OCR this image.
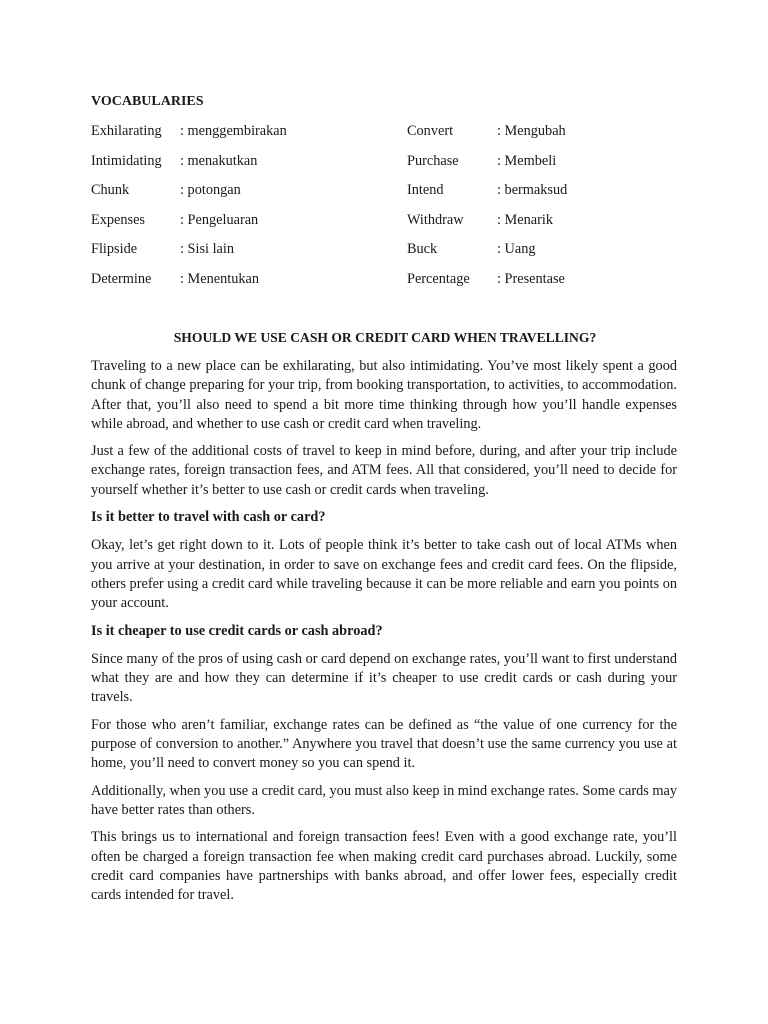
VOCABULARIES
Exhilarating : menggembirakan	Convert	: Mengubah
Intimidating : menakutkan	Purchase	: Membeli
Chunk	: potongan	Intend	: bermaksud
Expenses : Pengeluaran	Withdraw : Menarik
Flipside	: Sisi lain	Buck	: Uang
Determine : Menentukan	Percentage : Presentase
SHOULD WE USE CASH OR CREDIT CARD WHEN TRAVELLING?

Traveling to a new place can be exhilarating, but also intimidating. You’ve most likely spent a good chunk of change preparing for your trip, from booking transportation, to activities, to accommodation. After that, you’ll also need to spend a bit more time thinking through how you’ll handle expenses while abroad, and whether to use cash or credit card when traveling.

Just a few of the additional costs of travel to keep in mind before, during, and after your trip include exchange rates, foreign transaction fees, and ATM fees. All that considered, you’ll need to decide for yourself whether it’s better to use cash or credit cards when traveling.

Is it better to travel with cash or card?

Okay, let’s get right down to it. Lots of people think it’s better to take cash out of local ATMs when you arrive at your destination, in order to save on exchange fees and credit card fees. On the flipside, others prefer using a credit card while traveling because it can be more reliable and earn you points on your account.

Is it cheaper to use credit cards or cash abroad?

Since many of the pros of using cash or card depend on exchange rates, you’ll want to first understand what they are and how they can determine if it’s cheaper to use credit cards or cash during your travels.

For those who aren’t familiar, exchange rates can be defined as “the value of one currency for the purpose of conversion to another.” Anywhere you travel that doesn’t use the same currency you use at home, you’ll need to convert money so you can spend it.

Additionally, when you use a credit card, you must also keep in mind exchange rates. Some cards may have better rates than others.

This brings us to international and foreign transaction fees! Even with a good exchange rate, you’ll often be charged a foreign transaction fee when making credit card purchases abroad. Luckily, some credit card companies have partnerships with banks abroad, and offer lower fees, especially credit cards intended for travel.
